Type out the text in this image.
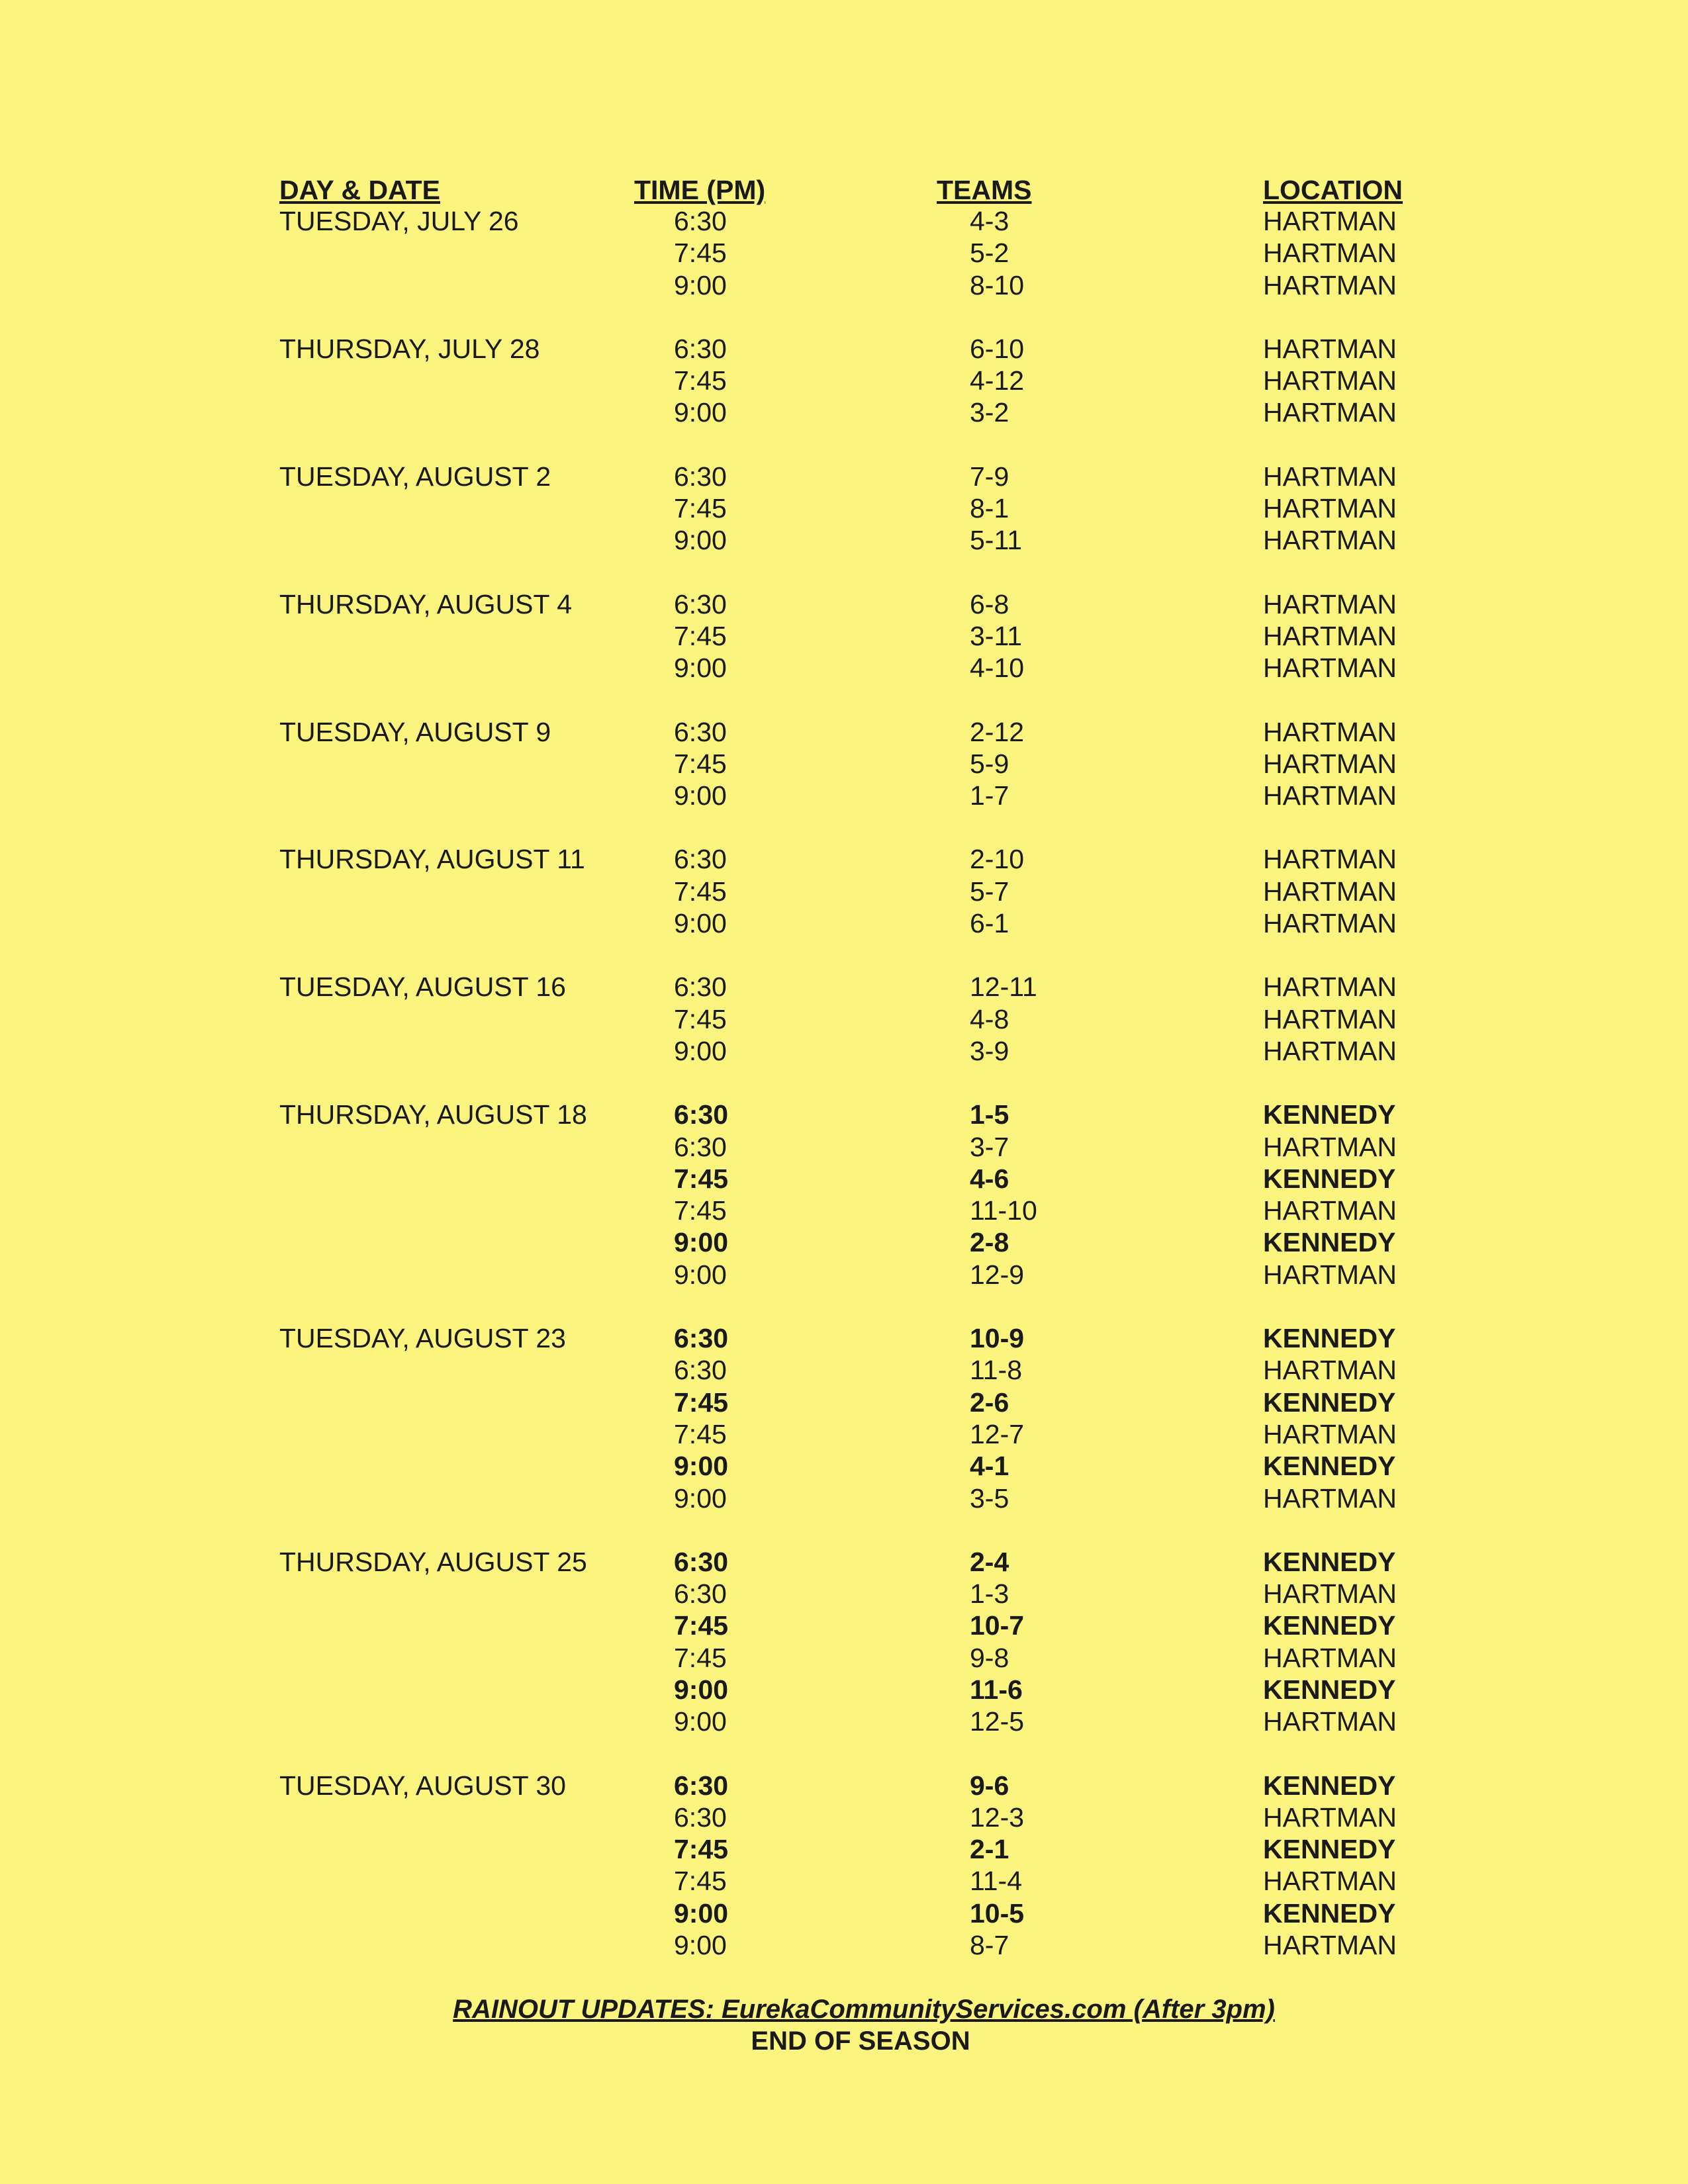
DAY & DATE	TIME (PM)	TEAMS	LOCATION
TUESDAY, JULY 26	6:30	4-3	HARTMAN
7:45	5-2	HARTMAN
9:00	8-10	HARTMAN
THURSDAY, JULY 28	6:30	6-10	HARTMAN
7:45	4-12	HARTMAN
9:00	3-2	HARTMAN
TUESDAY, AUGUST 2	6:30	7-9	HARTMAN
7:45	8-1	HARTMAN
9:00	5-11	HARTMAN
THURSDAY, AUGUST 4	6:30	6-8	HARTMAN
7:45	3-11	HARTMAN
9:00	4-10	HARTMAN
TUESDAY, AUGUST 9	6:30	2-12	HARTMAN
7:45	5-9	HARTMAN
9:00	1-7	HARTMAN
THURSDAY, AUGUST 11	6:30	2-10	HARTMAN
7:45	5-7	HARTMAN
9:00	6-1	HARTMAN
TUESDAY, AUGUST 16	6:30	12-11	HARTMAN
7:45	4-8	HARTMAN
9:00	3-9	HARTMAN
THURSDAY, AUGUST 18	6:30	1-5	KENNEDY
6:30	3-7	HARTMAN
7:45	4-6	KENNEDY
7:45	11-10	HARTMAN
9:00	2-8	KENNEDY
9:00	12-9	HARTMAN
TUESDAY, AUGUST 23	6:30	10-9	KENNEDY
6:30	11-8	HARTMAN
7:45	2-6	KENNEDY
7:45	12-7	HARTMAN
9:00	4-1	KENNEDY
9:00	3-5	HARTMAN
THURSDAY, AUGUST 25	6:30	2-4	KENNEDY
6:30	1-3	HARTMAN
7:45	10-7	KENNEDY
7:45	9-8	HARTMAN
9:00	11-6	KENNEDY
9:00	12-5	HARTMAN
TUESDAY, AUGUST 30	6:30	9-6	KENNEDY
6:30	12-3	HARTMAN
7:45	2-1	KENNEDY
7:45	11-4	HARTMAN
9:00	10-5	KENNEDY
9:00	8-7	HARTMAN
RAINOUT UPDATES: EurekaCommunityServices.com (After 3pm)
END OF SEASON
